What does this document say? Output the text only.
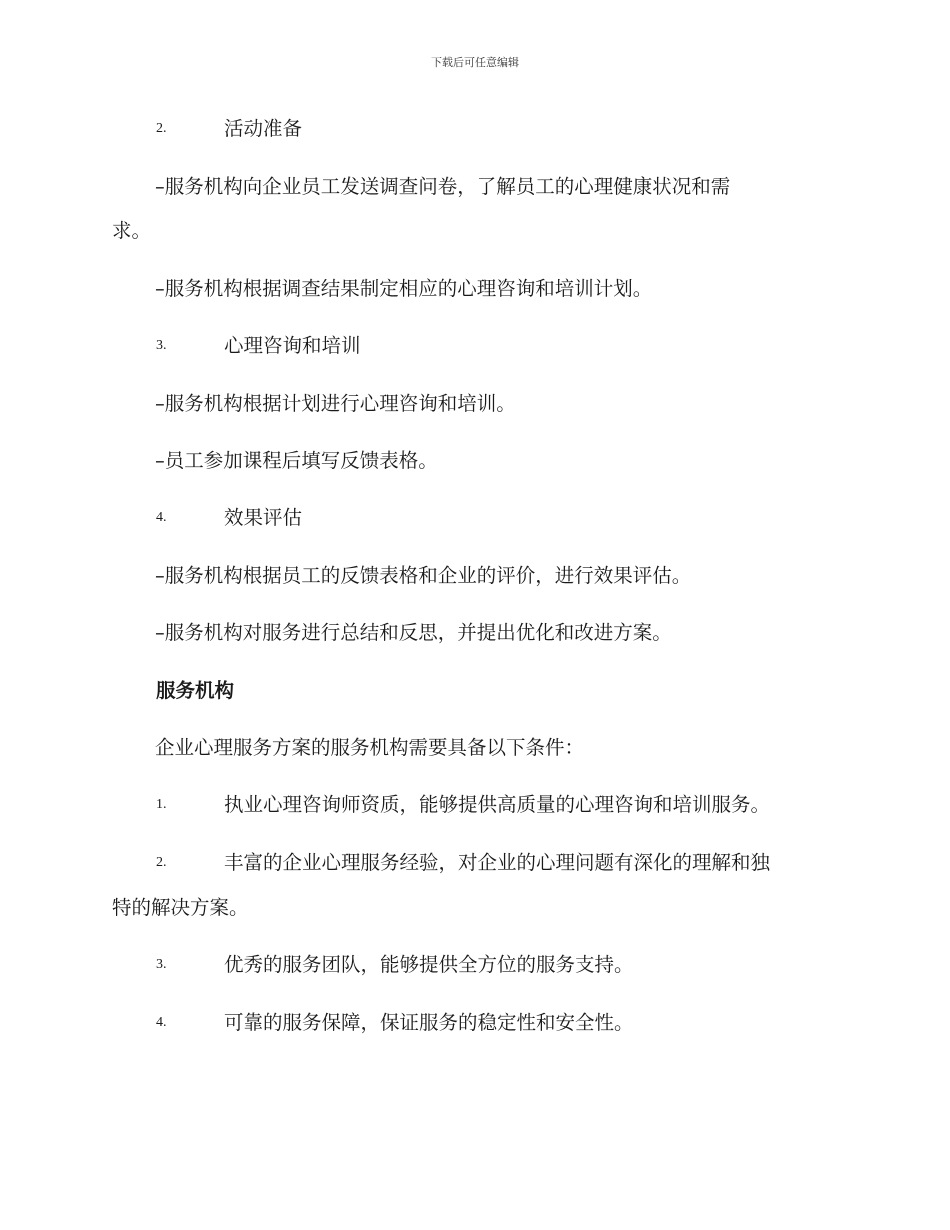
下载后可任意编辑
2.	活动准备
–服务机构向企业员工发送调查问卷，了解员工的心理健康状况和需
求。
–服务机构根据调查结果制定相应的心理咨询和培训计划。
3.	心理咨询和培训
–服务机构根据计划进行心理咨询和培训。
–员工参加课程后填写反馈表格。
4.	效果评估
–服务机构根据员工的反馈表格和企业的评价，进行效果评估。
–服务机构对服务进行总结和反思，并提出优化和改进方案。
服务机构
企业心理服务方案的服务机构需要具备以下条件：
1.	执业心理咨询师资质，能够提供高质量的心理咨询和培训服务。
2.	丰富的企业心理服务经验，对企业的心理问题有深化的理解和独
特的解决方案。
3.	优秀的服务团队，能够提供全方位的服务支持。
4.	可靠的服务保障，保证服务的稳定性和安全性。
